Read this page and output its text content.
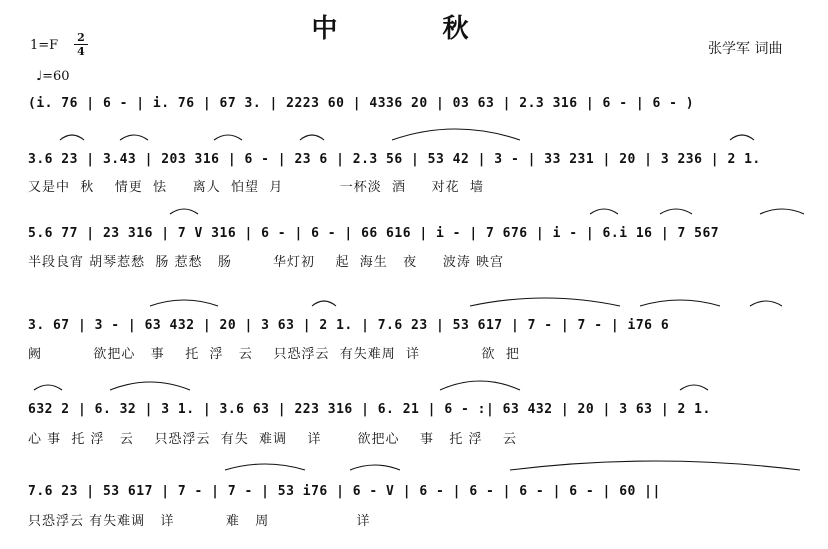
中 秋
1=F
2
4
♩=60
张学军 词曲
(i. 76 | 6 - | i. 76 | 67 3. | 2223 60 | 4336 20 | 03 63 | 2.3 316 | 6 - | 6 - )
3.6 23 | 3.43 | 203 316 | 6 - | 23 6 | 2.3 56 | 53 42 | 3 - | 33 231 | 20 | 3 236 | 2 1.
又是中  秋    情更  怯     离人  怕望  月           一杯淡  酒     对花  墙
5.6 77 | 23 316 | 7 V 316 | 6 - | 6 - | 66 616 | i - | 7 676 | i - | 6.i 16 | 7 567
半段良宵 胡琴惹愁  肠 惹愁   肠        华灯初    起  海生   夜     波涛 映宫
3. 67 | 3 - | 63 432 | 20 | 3 63 | 2 1. | 7.6 23 | 53 617 | 7 - | 7 - | i76 6
阙          欲把心   事    托  浮   云    只恐浮云  有失难周  详            欲  把
632 2 | 6. 32 | 3 1. | 3.6 63 | 223 316 | 6. 21 | 6 - :| 63 432 | 20 | 3 63 | 2 1.
心 事  托 浮   云    只恐浮云  有失  难调    详       欲把心    事   托 浮    云
7.6 23 | 53 617 | 7 - | 7 - | 53 i76 | 6 - V | 6 - | 6 - | 6 - | 6 - | 60 ||
只恐浮云 有失难调   详          难   周                 详
